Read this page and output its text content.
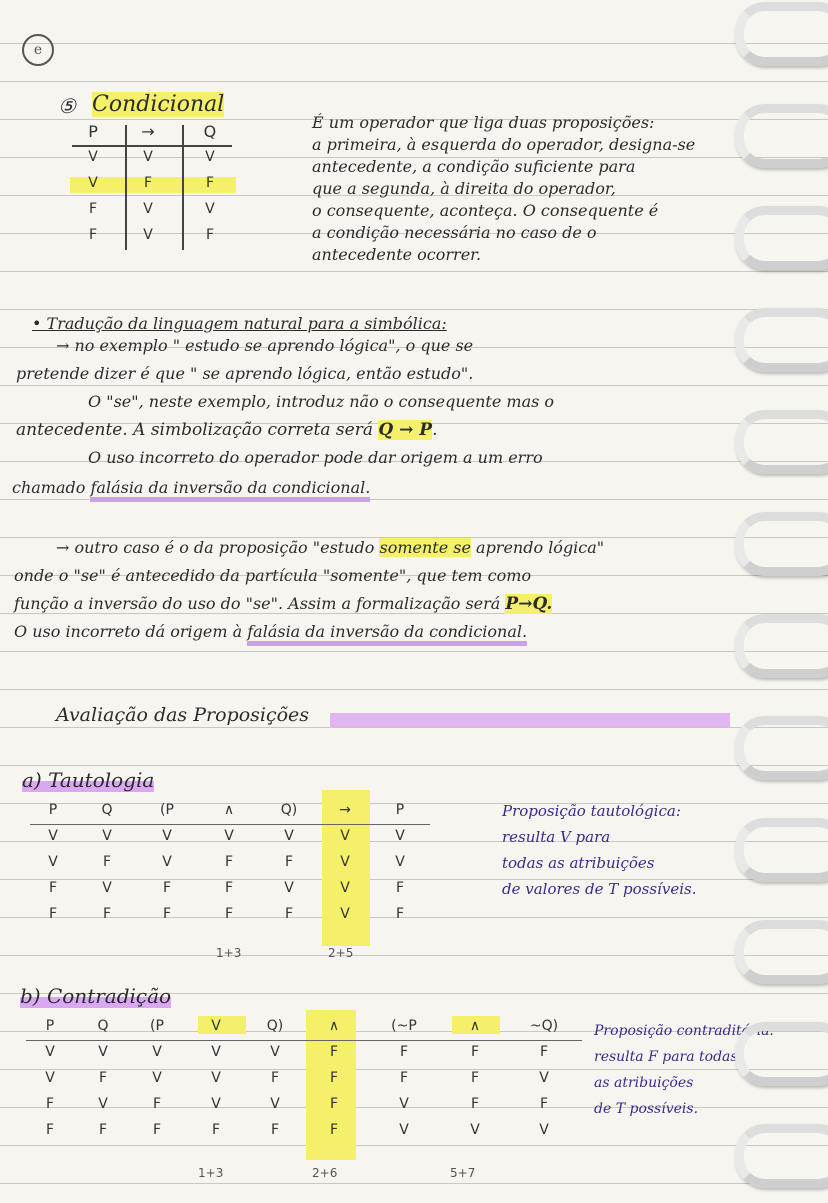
e
⑤ Condicional
P	→	Q
V	V	V
V	F	F
F	V	V
F	V	F
É um operador que liga duas proposições:
a primeira, à esquerda do operador, designa-se
antecedente, a condição suficiente para
que a segunda, à direita do operador,
o consequente, aconteça. O consequente é
a condição necessária no caso de o
antecedente ocorrer.
• Tradução da linguagem natural para a simbólica:
→ no exemplo " estudo se aprendo lógica", o que se
pretende dizer é que " se aprendo lógica, então estudo".
O "se", neste exemplo, introduz não o consequente mas o
antecedente. A simbolização correta será Q → P.
O uso incorreto do operador pode dar origem a um erro
chamado falásia da inversão da condicional.
→ outro caso é o da proposição "estudo somente se aprendo lógica"
onde o "se" é antecedido da partícula "somente", que tem como
função a inversão do uso do "se". Assim a formalização será P→Q.
O uso incorreto dá origem à falásia da inversão da condicional.
Avaliação das Proposições
a) Tautologia
P	Q	(P	∧	Q)	→	P
V	V	V	V	V	V	V
V	F	V	F	F	V	V
F	V	F	F	V	V	F
F	F	F	F	F	V	F
1+3	2+5
Proposição tautológica:
resulta V para
todas as atribuições
de valores de T possíveis.
b) Contradição
P	Q	(P	V	Q)	∧	(~P	∧	~Q)
V	V	V	V	V	F	F	F	F
V	F	V	V	F	F	F	F	V
F	V	F	V	V	F	V	F	F
F	F	F	F	F	F	V	V	V
1+3	2+6	5+7
Proposição contraditória:
resulta F para todas
as atribuições
de T possíveis.
